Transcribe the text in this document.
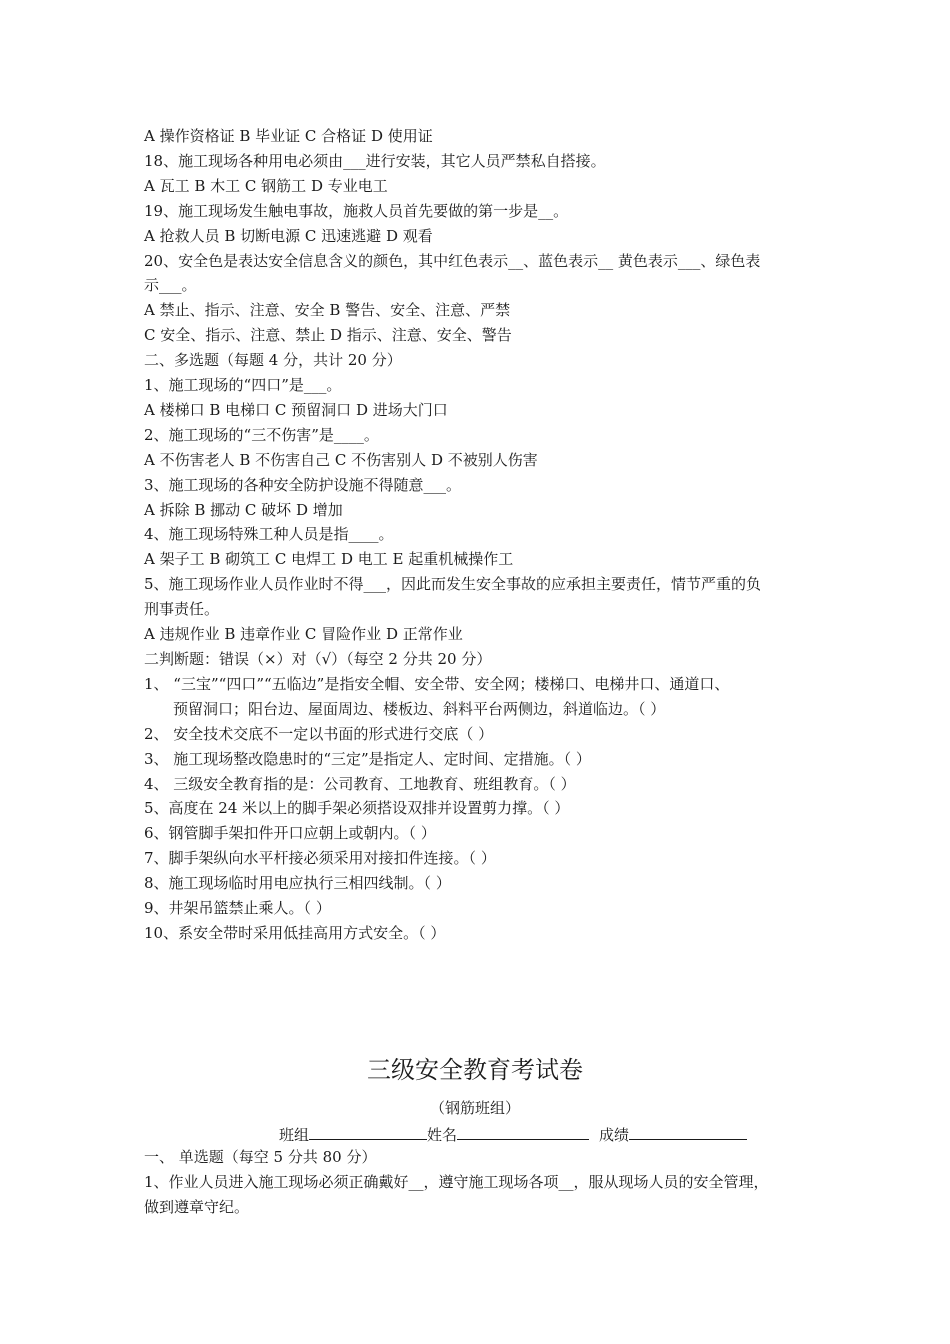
A 操作资格证 B 毕业证 C 合格证 D 使用证
18、施工现场各种用电必须由___进行安装，其它人员严禁私自搭接。
A 瓦工 B 木工 C 钢筋工 D 专业电工
19、施工现场发生触电事故，施救人员首先要做的第一步是__。
A 抢救人员 B 切断电源 C 迅速逃避 D 观看
20、安全色是表达安全信息含义的颜色，其中红色表示__、蓝色表示__ 黄色表示___、绿色表
示___。
A 禁止、指示、注意、安全 B 警告、安全、注意、严禁
C 安全、指示、注意、禁止 D 指示、注意、安全、警告
二、多选题（每题 4 分，共计 20 分）
1、施工现场的“四口”是___。
A 楼梯口 B 电梯口 C 预留洞口 D 进场大门口
2、施工现场的“三不伤害”是____。
A 不伤害老人 B 不伤害自己 C 不伤害别人 D 不被别人伤害
3、施工现场的各种安全防护设施不得随意___。
A 拆除 B 挪动 C 破坏 D 增加
4、施工现场特殊工种人员是指____。
A 架子工 B 砌筑工 C 电焊工 D 电工 E 起重机械操作工
5、施工现场作业人员作业时不得___，因此而发生安全事故的应承担主要责任，情节严重的负
刑事责任。
A 违规作业 B 违章作业 C 冒险作业 D 正常作业
二判断题：错误（×）对（√）（每空 2 分共 20 分）
1、 “三宝”“四口”“五临边”是指安全帽、安全带、安全网；楼梯口、电梯井口、通道口、
预留洞口；阳台边、屋面周边、楼板边、斜料平台两侧边，斜道临边。（ ）
2、 安全技术交底不一定以书面的形式进行交底（ ）
3、 施工现场整改隐患时的“三定”是指定人、定时间、定措施。（ ）
4、 三级安全教育指的是：公司教育、工地教育、班组教育。（ ）
5、高度在 24 米以上的脚手架必须搭设双排并设置剪力撑。（ ）
6、钢管脚手架扣件开口应朝上或朝内。（ ）
7、脚手架纵向水平杆接必须采用对接扣件连接。（ ）
8、施工现场临时用电应执行三相四线制。（ ）
9、井架吊篮禁止乘人。（ ）
10、系安全带时采用低挂高用方式安全。（ ）
三级安全教育考试卷
（钢筋班组）
班组	姓名	成绩
一、 单选题（每空 5 分共 80 分）
1、作业人员进入施工现场必须正确戴好__，遵守施工现场各项__，服从现场人员的安全管理，
做到遵章守纪。
